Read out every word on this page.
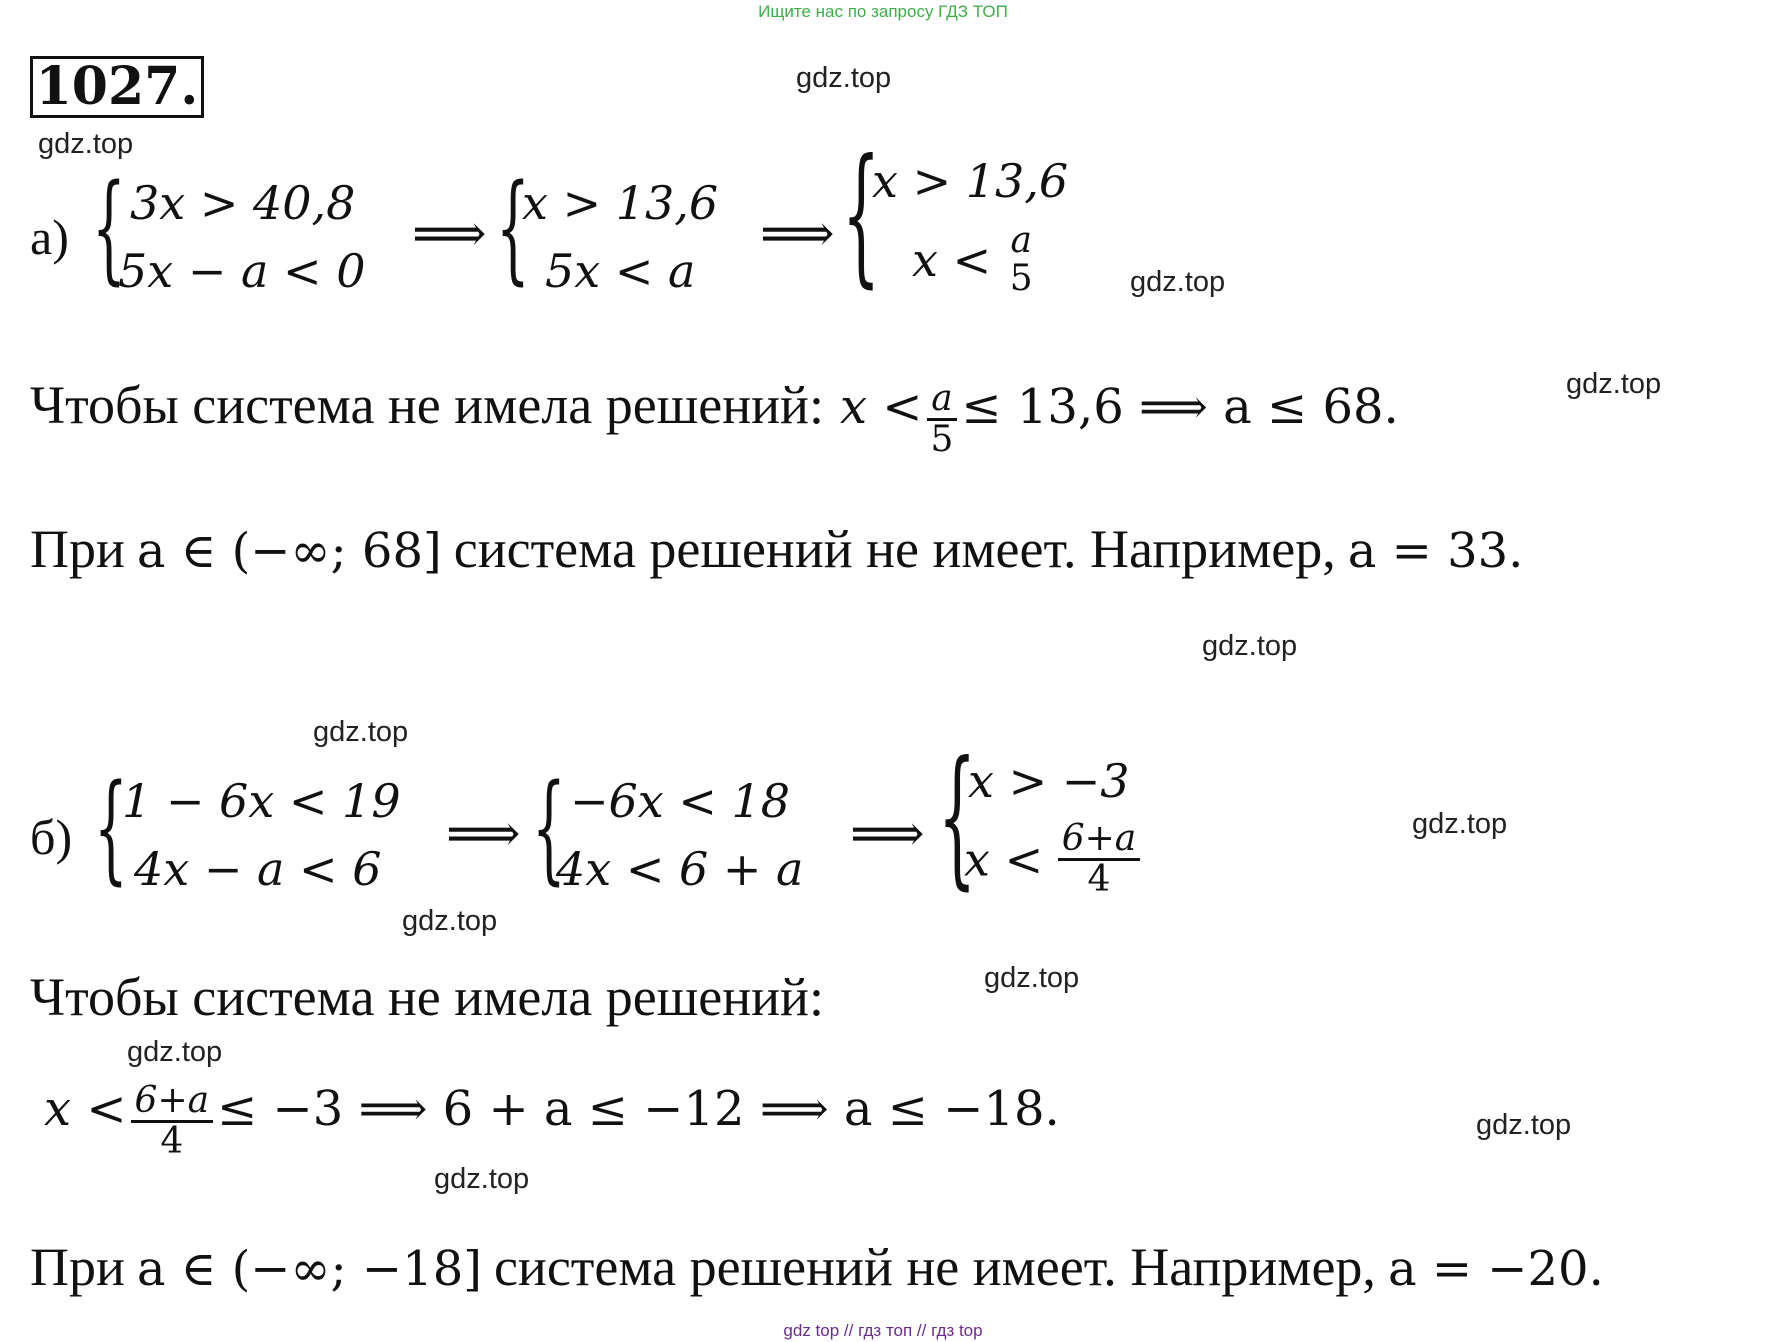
Ищите нас по запросу ГДЗ ТОП
1027.	gdz.top
gdz.top
gdz.top
gdz.top
gdz.top
gdz.top
gdz.top
gdz.top
gdz.top
gdz.top
gdz.top
gdz.top
а) { 3x > 40,8
5x − a < 0
⟹ {
x > 13,6
5x < a
⟹ {
x > 13,6
x < a
5
Чтобы система не имела решений: $x < \frac{a}{5} \le 13,6$ ⟹ a ≤ 68.
При a ∈ (−∞; 68] система решений не имеет. Например, a = 33.
б) {
1 − 6x < 19
4x − a < 6
⟹ { −6x < 18
4x < 6 + a
⟹ {
x > −3
$x < \frac{6+a}{4}$
Чтобы система не имела решений:
$x < \frac{6+a}{4} \le -3$ ⟹ 6 + a ≤ −12 ⟹ a ≤ −18.
При a ∈ (−∞; −18] система решений не имеет. Например, a = −20.
gdz top // гдз топ // гдз top
